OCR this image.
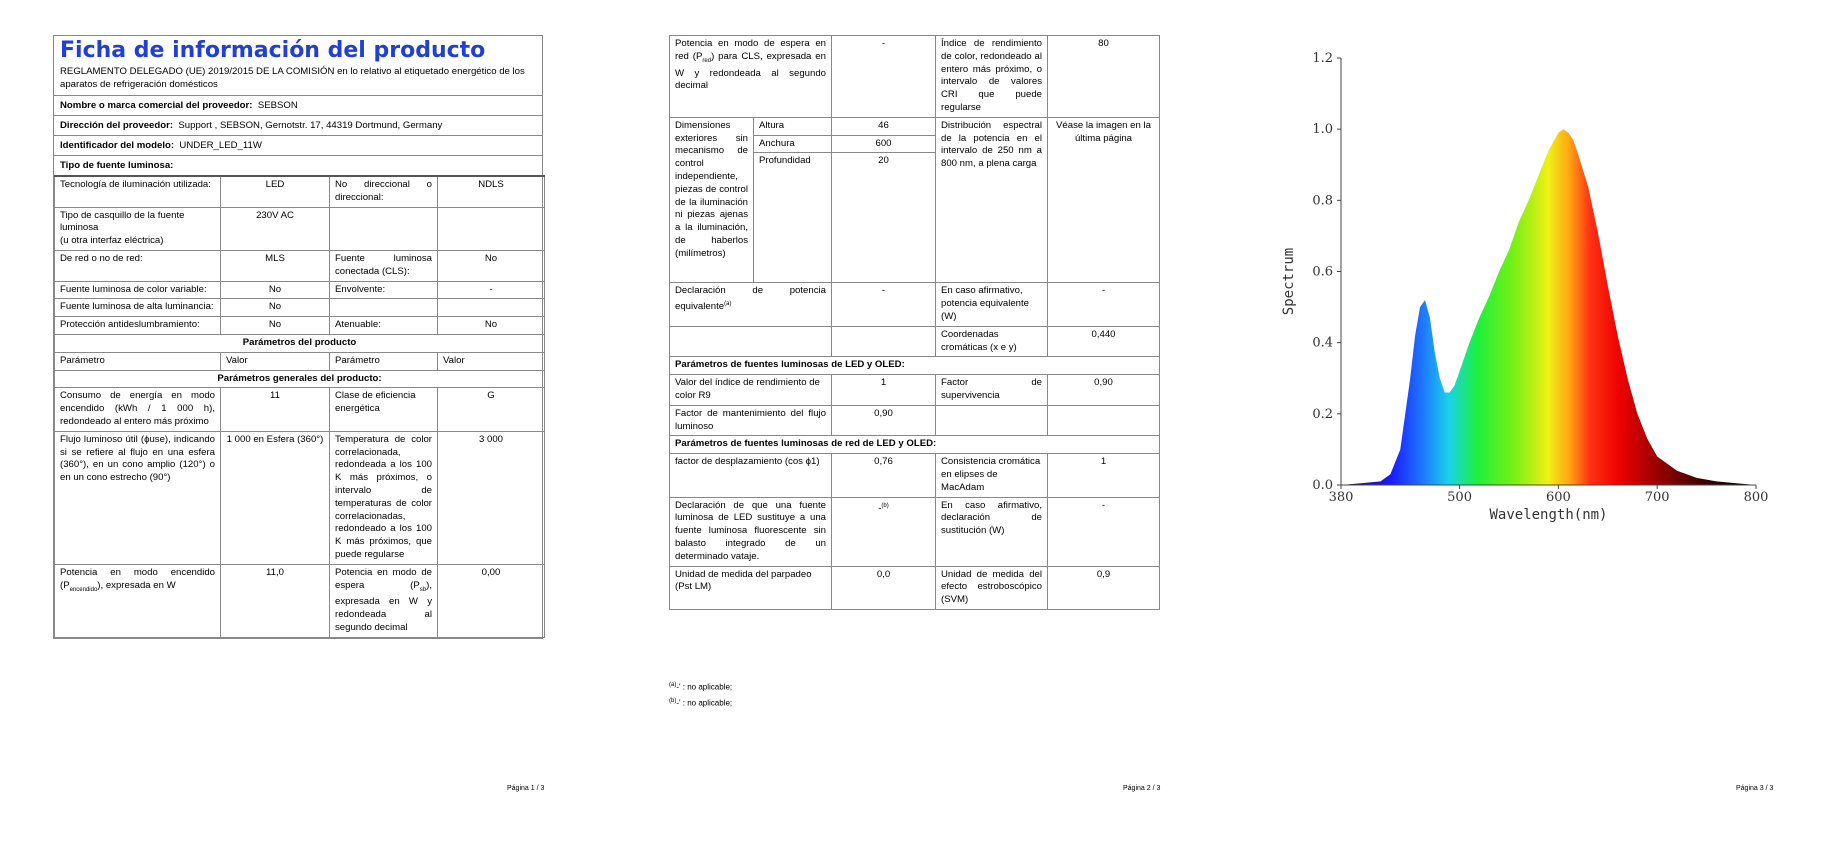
Ficha de información del producto
REGLAMENTO DELEGADO (UE) 2019/2015 DE LA COMISIÓN en lo relativo al etiquetado energético de los aparatos de refrigeración domésticos
Nombre o marca comercial del proveedor: SEBSON
Dirección del proveedor: Support , SEBSON, Gernotstr. 17, 44319 Dortmund, Germany
Identificador del modelo: UNDER_LED_11W
Tipo de fuente luminosa:
Tecnología de iluminación utilizada:	LED	No direccional o direccional:	NDLS
Tipo de casquillo de la fuente luminosa
(u otra interfaz eléctrica)	230V AC		
De red o no de red:	MLS	Fuente luminosa conectada (CLS):	No
Fuente luminosa de color variable:	No	Envolvente:	-
Fuente luminosa de alta luminancia:	No		
Protección antideslumbramiento:	No	Atenuable:	No
Parámetros del producto			
Parámetro	Valor	Parámetro	Valor
Parámetros generales del producto:			
Consumo de energía en modo encendido (kWh / 1 000 h), redondeado al entero más próximo	11	Clase de eficiencia energética	G
Flujo luminoso útil (ϕuse), indicando si se refiere al flujo en una esfera (360°), en un cono amplio (120°) o en un cono estrecho (90°)	1 000 en Esfera (360°)	Temperatura de color correlacionada, redondeada a los 100 K más próximos, o intervalo de temperaturas de color correlacionadas, redondeado a los 100 K más próximos, que puede regularse	3 000
Potencia en modo encendido $(P_{encendido})$, expresada en W	11,0	Potencia en modo de espera $(P_{sb})$, expresada en W y redondeada al segundo decimal	0,00
Página 1 / 3
Potencia en modo de espera en red $(P_{red})$ para CLS, expresada en W y redondeada al segundo decimal		-	Índice de rendimiento de color, redondeado al entero más próximo, o intervalo de valores CRI que puede regularse	80
Dimensiones exteriores sin mecanismo de control independiente, piezas de control de la iluminación ni piezas ajenas a la iluminación, de haberlos (milímetros)	Altura	46	Distribución espectral de la potencia en el intervalo de 250 nm a 800 nm, a plena carga	Véase la imagen en la última página
	Anchura	600		
	Profundidad	20		
Declaración de potencia equivalente$^{(a)}$		-	En caso afirmativo, potencia equivalente (W)	-
			Coordenadas cromáticas (x e y)	0,440
Parámetros de fuentes luminosas de LED y OLED:				
Valor del índice de rendimiento de color R9		1	Factor de supervivencia	0,90
Factor de mantenimiento del flujo luminoso		0,90		
Parámetros de fuentes luminosas de red de LED y OLED:				
factor de desplazamiento (cos ϕ1)		0,76	Consistencia cromática en elipses de MacAdam	1
Declaración de que una fuente luminosa de LED sustituye a una fuente luminosa fluorescente sin balasto integrado de un determinado vataje.		-$^{(b)}$	En caso afirmativo, declaración de sustitución (W)	-
Unidad de medida del parpadeo (Pst LM)		0,0	Unidad de medida del efecto estroboscópico (SVM)	0,9
$^{(a)}$-' : no aplicable;
$^{(b)}$-' : no aplicable;
Página 2 / 3
0.0
0.2
0.4
0.6
0.8
1.0
1.2
380	500	600	700	800
Wavelength(nm)
Spectrum
Página 3 / 3
